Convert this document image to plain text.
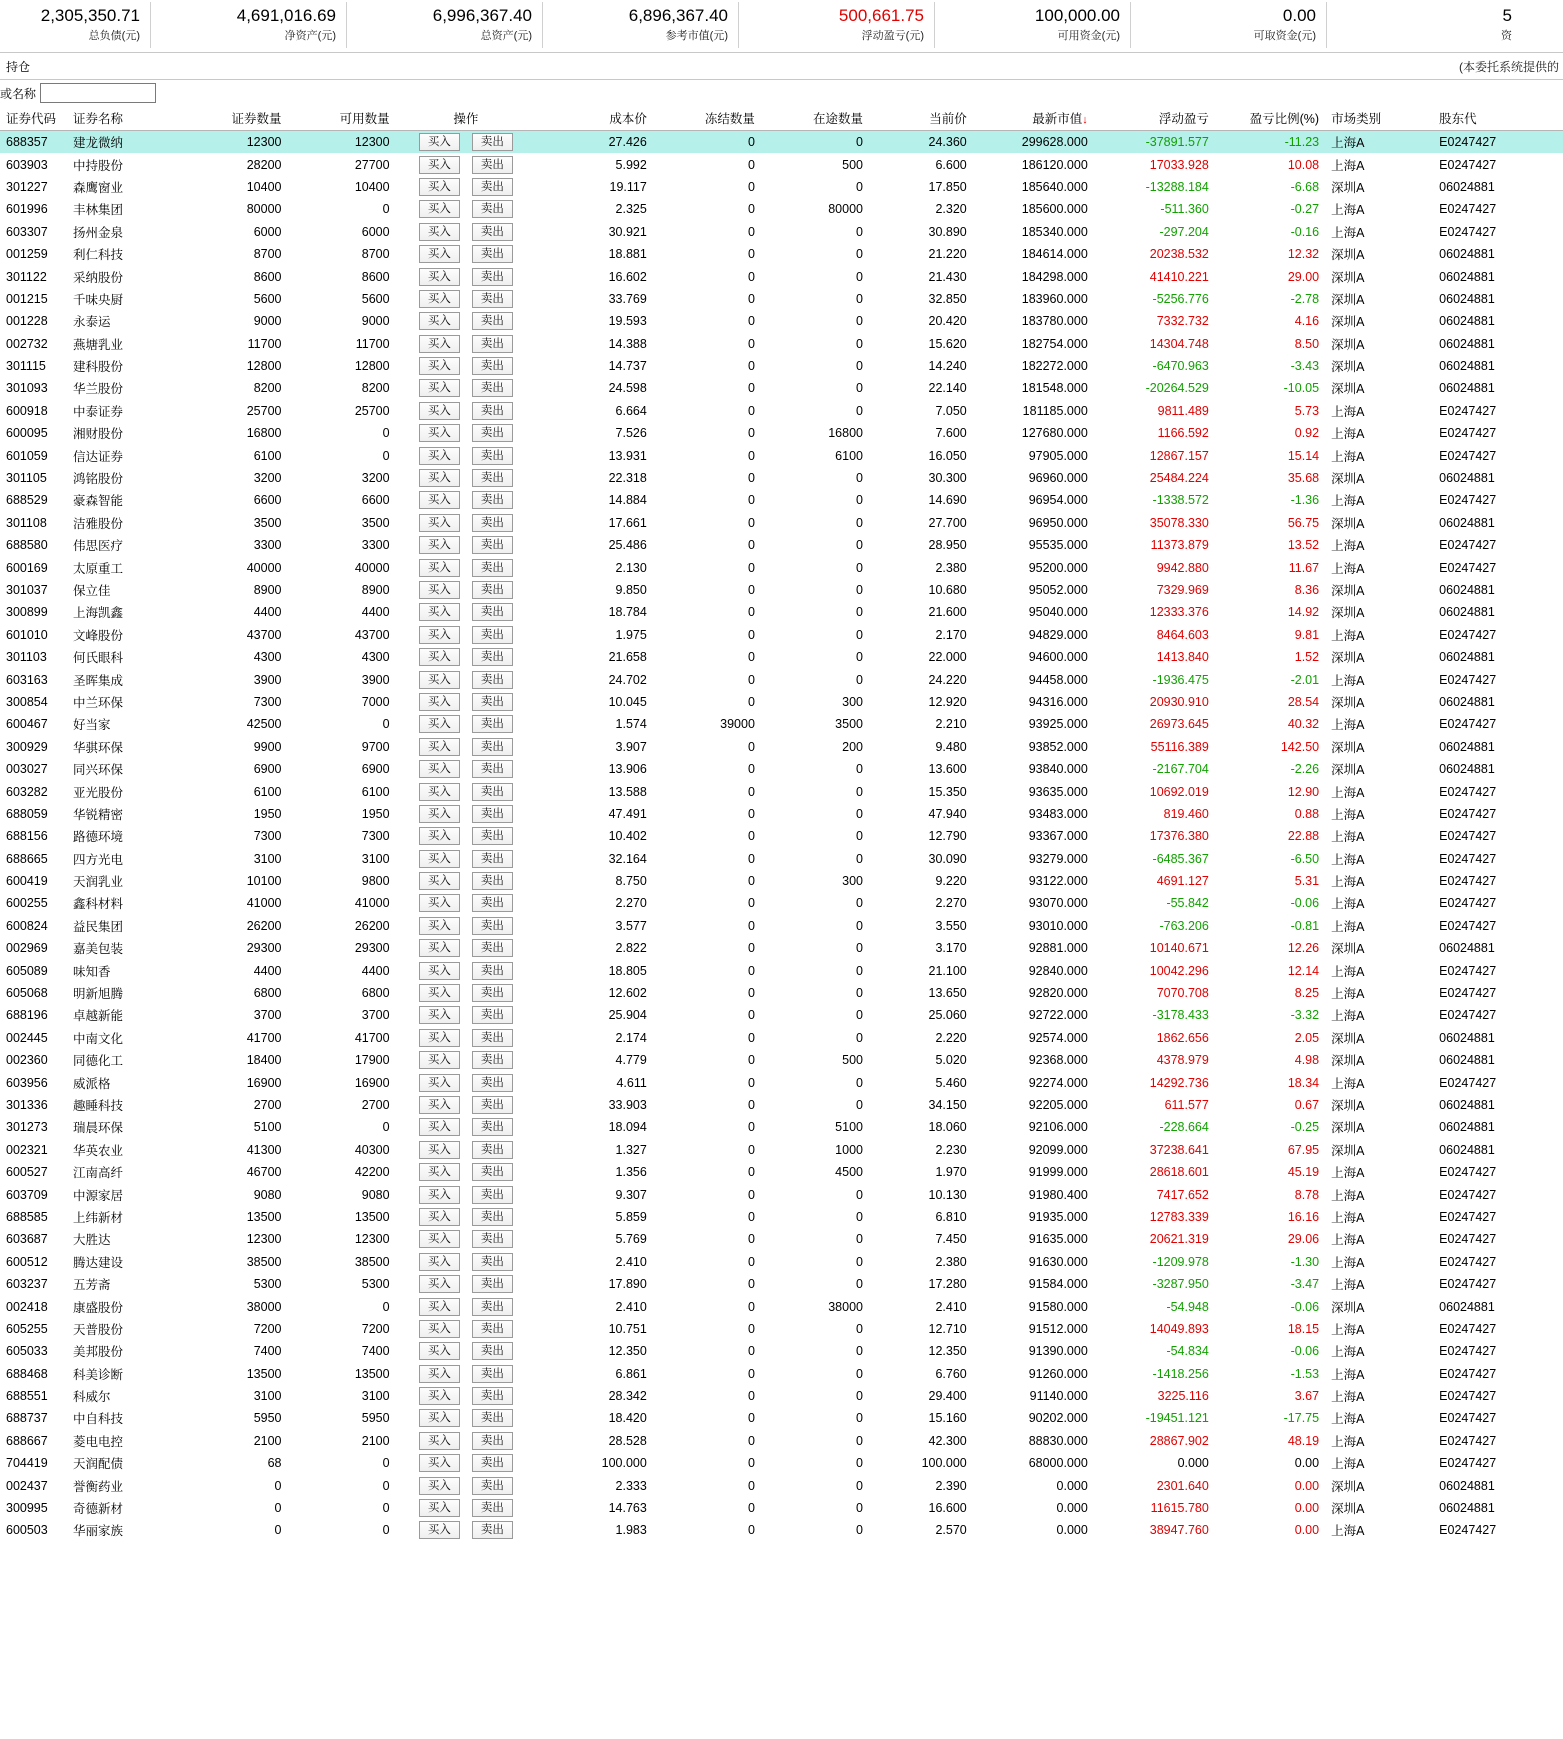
2,305,350.71
总负债(元)
4,691,016.69
净资产(元)
6,996,367.40
总资产(元)
6,896,367.40
参考市值(元)
500,661.75
浮动盈亏(元)
100,000.00
可用资金(元)
0.00
可取资金(元)
5
资
持仓	(本委托系统提供的
或名称
证券代码	证券名称	证券数量	可用数量	操作	成本价	冻结数量	在途数量	当前价	最新市值↓	浮动盈亏	盈亏比例(%)	市场类别	股东代
688357	建龙微纳	12300	12300	买入 卖出	27.426	0	0	24.360	299628.000	-37891.577	-11.23	上海A	E0247427
603903	中持股份	28200	27700	买入 卖出	5.992	0	500	6.600	186120.000	17033.928	10.08	上海A	E0247427
301227	森鹰窗业	10400	10400	买入 卖出	19.117	0	0	17.850	185640.000	-13288.184	-6.68	深圳A	06024881
601996	丰林集团	80000	0	买入 卖出	2.325	0	80000	2.320	185600.000	-511.360	-0.27	上海A	E0247427
603307	扬州金泉	6000	6000	买入 卖出	30.921	0	0	30.890	185340.000	-297.204	-0.16	上海A	E0247427
001259	利仁科技	8700	8700	买入 卖出	18.881	0	0	21.220	184614.000	20238.532	12.32	深圳A	06024881
301122	采纳股份	8600	8600	买入 卖出	16.602	0	0	21.430	184298.000	41410.221	29.00	深圳A	06024881
001215	千味央厨	5600	5600	买入 卖出	33.769	0	0	32.850	183960.000	-5256.776	-2.78	深圳A	06024881
001228	永泰运	9000	9000	买入 卖出	19.593	0	0	20.420	183780.000	7332.732	4.16	深圳A	06024881
002732	燕塘乳业	11700	11700	买入 卖出	14.388	0	0	15.620	182754.000	14304.748	8.50	深圳A	06024881
301115	建科股份	12800	12800	买入 卖出	14.737	0	0	14.240	182272.000	-6470.963	-3.43	深圳A	06024881
301093	华兰股份	8200	8200	买入 卖出	24.598	0	0	22.140	181548.000	-20264.529	-10.05	深圳A	06024881
600918	中泰证券	25700	25700	买入 卖出	6.664	0	0	7.050	181185.000	9811.489	5.73	上海A	E0247427
600095	湘财股份	16800	0	买入 卖出	7.526	0	16800	7.600	127680.000	1166.592	0.92	上海A	E0247427
601059	信达证券	6100	0	买入 卖出	13.931	0	6100	16.050	97905.000	12867.157	15.14	上海A	E0247427
301105	鸿铭股份	3200	3200	买入 卖出	22.318	0	0	30.300	96960.000	25484.224	35.68	深圳A	06024881
688529	豪森智能	6600	6600	买入 卖出	14.884	0	0	14.690	96954.000	-1338.572	-1.36	上海A	E0247427
301108	洁雅股份	3500	3500	买入 卖出	17.661	0	0	27.700	96950.000	35078.330	56.75	深圳A	06024881
688580	伟思医疗	3300	3300	买入 卖出	25.486	0	0	28.950	95535.000	11373.879	13.52	上海A	E0247427
600169	太原重工	40000	40000	买入 卖出	2.130	0	0	2.380	95200.000	9942.880	11.67	上海A	E0247427
301037	保立佳	8900	8900	买入 卖出	9.850	0	0	10.680	95052.000	7329.969	8.36	深圳A	06024881
300899	上海凯鑫	4400	4400	买入 卖出	18.784	0	0	21.600	95040.000	12333.376	14.92	深圳A	06024881
601010	文峰股份	43700	43700	买入 卖出	1.975	0	0	2.170	94829.000	8464.603	9.81	上海A	E0247427
301103	何氏眼科	4300	4300	买入 卖出	21.658	0	0	22.000	94600.000	1413.840	1.52	深圳A	06024881
603163	圣晖集成	3900	3900	买入 卖出	24.702	0	0	24.220	94458.000	-1936.475	-2.01	上海A	E0247427
300854	中兰环保	7300	7000	买入 卖出	10.045	0	300	12.920	94316.000	20930.910	28.54	深圳A	06024881
600467	好当家	42500	0	买入 卖出	1.574	39000	3500	2.210	93925.000	26973.645	40.32	上海A	E0247427
300929	华骐环保	9900	9700	买入 卖出	3.907	0	200	9.480	93852.000	55116.389	142.50	深圳A	06024881
003027	同兴环保	6900	6900	买入 卖出	13.906	0	0	13.600	93840.000	-2167.704	-2.26	深圳A	06024881
603282	亚光股份	6100	6100	买入 卖出	13.588	0	0	15.350	93635.000	10692.019	12.90	上海A	E0247427
688059	华锐精密	1950	1950	买入 卖出	47.491	0	0	47.940	93483.000	819.460	0.88	上海A	E0247427
688156	路德环境	7300	7300	买入 卖出	10.402	0	0	12.790	93367.000	17376.380	22.88	上海A	E0247427
688665	四方光电	3100	3100	买入 卖出	32.164	0	0	30.090	93279.000	-6485.367	-6.50	上海A	E0247427
600419	天润乳业	10100	9800	买入 卖出	8.750	0	300	9.220	93122.000	4691.127	5.31	上海A	E0247427
600255	鑫科材料	41000	41000	买入 卖出	2.270	0	0	2.270	93070.000	-55.842	-0.06	上海A	E0247427
600824	益民集团	26200	26200	买入 卖出	3.577	0	0	3.550	93010.000	-763.206	-0.81	上海A	E0247427
002969	嘉美包装	29300	29300	买入 卖出	2.822	0	0	3.170	92881.000	10140.671	12.26	深圳A	06024881
605089	味知香	4400	4400	买入 卖出	18.805	0	0	21.100	92840.000	10042.296	12.14	上海A	E0247427
605068	明新旭腾	6800	6800	买入 卖出	12.602	0	0	13.650	92820.000	7070.708	8.25	上海A	E0247427
688196	卓越新能	3700	3700	买入 卖出	25.904	0	0	25.060	92722.000	-3178.433	-3.32	上海A	E0247427
002445	中南文化	41700	41700	买入 卖出	2.174	0	0	2.220	92574.000	1862.656	2.05	深圳A	06024881
002360	同德化工	18400	17900	买入 卖出	4.779	0	500	5.020	92368.000	4378.979	4.98	深圳A	06024881
603956	威派格	16900	16900	买入 卖出	4.611	0	0	5.460	92274.000	14292.736	18.34	上海A	E0247427
301336	趣睡科技	2700	2700	买入 卖出	33.903	0	0	34.150	92205.000	611.577	0.67	深圳A	06024881
301273	瑞晨环保	5100	0	买入 卖出	18.094	0	5100	18.060	92106.000	-228.664	-0.25	深圳A	06024881
002321	华英农业	41300	40300	买入 卖出	1.327	0	1000	2.230	92099.000	37238.641	67.95	深圳A	06024881
600527	江南高纤	46700	42200	买入 卖出	1.356	0	4500	1.970	91999.000	28618.601	45.19	上海A	E0247427
603709	中源家居	9080	9080	买入 卖出	9.307	0	0	10.130	91980.400	7417.652	8.78	上海A	E0247427
688585	上纬新材	13500	13500	买入 卖出	5.859	0	0	6.810	91935.000	12783.339	16.16	上海A	E0247427
603687	大胜达	12300	12300	买入 卖出	5.769	0	0	7.450	91635.000	20621.319	29.06	上海A	E0247427
600512	腾达建设	38500	38500	买入 卖出	2.410	0	0	2.380	91630.000	-1209.978	-1.30	上海A	E0247427
603237	五芳斋	5300	5300	买入 卖出	17.890	0	0	17.280	91584.000	-3287.950	-3.47	上海A	E0247427
002418	康盛股份	38000	0	买入 卖出	2.410	0	38000	2.410	91580.000	-54.948	-0.06	深圳A	06024881
605255	天普股份	7200	7200	买入 卖出	10.751	0	0	12.710	91512.000	14049.893	18.15	上海A	E0247427
605033	美邦股份	7400	7400	买入 卖出	12.350	0	0	12.350	91390.000	-54.834	-0.06	上海A	E0247427
688468	科美诊断	13500	13500	买入 卖出	6.861	0	0	6.760	91260.000	-1418.256	-1.53	上海A	E0247427
688551	科威尔	3100	3100	买入 卖出	28.342	0	0	29.400	91140.000	3225.116	3.67	上海A	E0247427
688737	中自科技	5950	5950	买入 卖出	18.420	0	0	15.160	90202.000	-19451.121	-17.75	上海A	E0247427
688667	菱电电控	2100	2100	买入 卖出	28.528	0	0	42.300	88830.000	28867.902	48.19	上海A	E0247427
704419	天润配债	68	0	买入 卖出	100.000	0	0	100.000	68000.000	0.000	0.00	上海A	E0247427
002437	誉衡药业	0	0	买入 卖出	2.333	0	0	2.390	0.000	2301.640	0.00	深圳A	06024881
300995	奇德新材	0	0	买入 卖出	14.763	0	0	16.600	0.000	11615.780	0.00	深圳A	06024881
600503	华丽家族	0	0	买入 卖出	1.983	0	0	2.570	0.000	38947.760	0.00	上海A	E0247427
